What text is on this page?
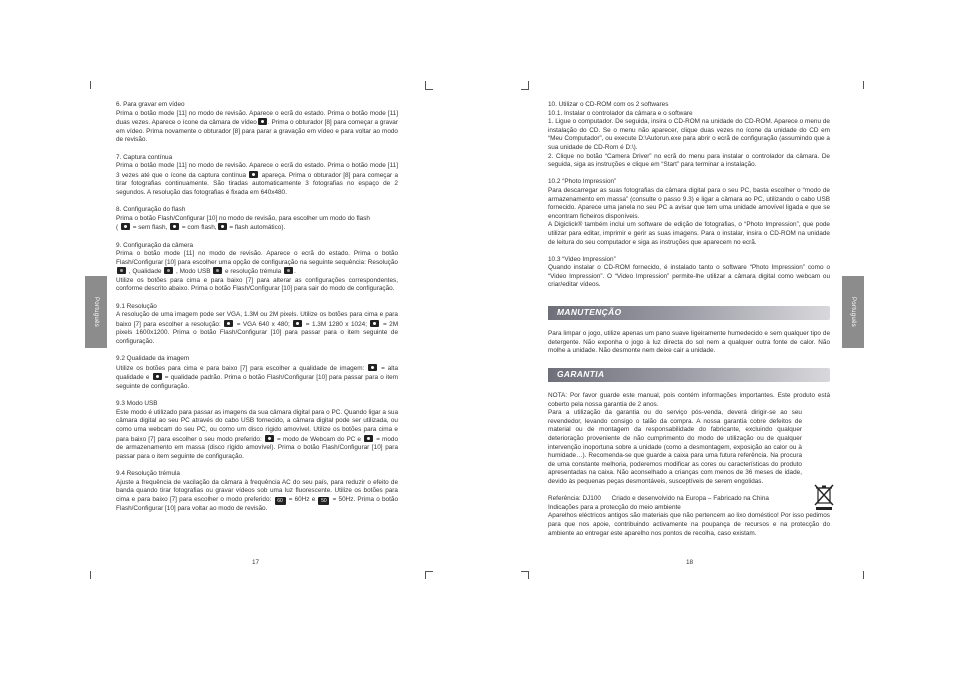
Português	Português

6. Para gravar em vídeo

Prima o botão mode [11] no modo de revisão. Aparece o ecrã do estado. Prima o botão mode [11] duas vezes. Aparece o ícone da câmara de vídeo . Prima o obturador [8] para começar a gravar em vídeo. Prima novamente o obturador [8] para parar a gravação em vídeo e para voltar ao modo de revisão.

7. Captura contínua

Prima o botão mode [11] no modo de revisão. Aparece o ecrã do estado. Prima o botão mode [11] 3 vezes até que o ícone da captura contínua apareça. Prima o obturador [8] para começar a tirar fotografias continuamente. São tiradas automaticamente 3 fotografias no espaço de 2 segundos. A resolução das fotografias é fixada em 640x480.

8. Configuração do flash

Prima o botão Flash/Configurar [10] no modo de revisão, para escolher um modo do flash
(  = sem flash, = com flash, = flash automático).

9. Configuração da câmera

Prima o botão mode [11] no modo de revisão. Aparece o ecrã do estado. Prima o botão Flash/Configurar [10] para escolher uma opção de configuração na seguinte sequência: Resolução  , Qualidade , Modo USB e resolução trémula .
Utilize os botões para cima e para baixo [7] para alterar as configurações correspondentes, conforme descrito abaixo. Prima o botão Flash/Configurar [10] para sair do modo de configuração.

9.1 Resolução

A resolução de uma imagem pode ser VGA, 1.3M ou 2M pixels. Utilize os botões para cima e para baixo [7] para escolher a resolução: = VGA 640 x 480; = 1.3M 1280 x 1024; = 2M pixels 1600x1200. Prima o botão Flash/Configurar [10] para passar para o item seguinte de configuração.

9.2 Qualidade da imagem

Utilize os botões para cima e para baixo [7] para escolher a qualidade de imagem:	= alta qualidade e = qualidade padrão. Prima o botão Flash/Configurar [10] para passar para o item seguinte de configuração.

9.3 Modo USB

Este modo é utilizado para passar as imagens da sua câmara digital para o PC. Quando ligar a sua câmara digital ao seu PC através do cabo USB fornecido, a câmara digital pode ser utilizada, ou como uma webcam do seu PC, ou como um disco rígido amovível. Utilize os botões para cima e para baixo [7] para escolher o seu modo preferido: = modo de Webcam do PC e = modo de armazenamento em massa (disco rígido amovível). Prima o botão Flash/Configurar [10] para passar para o item seguinte de configuração.

9.4 Resolução trémula

Ajuste a frequência de vacilação da câmara à frequência AC do seu país, para reduzir o efeito de banda quando tirar fotografias ou gravar vídeos sob uma luz fluorescente. Utilize os botões para cima e para baixo [7] para escolher o modo preferido: 60 = 60Hz e 50 = 50Hz. Prima o botão Flash/Configurar [10] para voltar ao modo de revisão.

17

10. Utilizar o CD-ROM com os 2 softwares

10.1. Instalar o controlador da câmara e o software

1. Ligue o computador. De seguida, insira o CD-ROM na unidade do CD-ROM. Aparece o menu de instalação do CD. Se o menu não aparecer, clique duas vezes no ícone da unidade do CD em “Meu Computador”, ou execute D:\Autorun.exe para abrir o ecrã de configuração (assumindo que a sua unidade de CD-Rom é D:\).

2. Clique no botão “Camera Driver” no ecrã do menu para instalar o controlador da câmara. De seguida, siga as instruções e clique em “Start” para terminar a instalação.

10.2 “Photo Impression”

Para descarregar as suas fotografias da câmara digital para o seu PC, basta escolher o “modo de armazenamento em massa” (consulte o passo 9.3) e ligar a câmara ao PC, utilizando o cabo USB fornecido. Aparece uma janela no seu PC a avisar que tem uma unidade amovível ligada e que se encontram ficheiros disponíveis.

A Digiclick® também inclui um software de edição de fotografias, o “Photo Impression”, que pode utilizar para editar, imprimir e gerir as suas imagens. Para o instalar, insira o CD-ROM na unidade de leitura do seu computador e siga as instruções que aparecem no ecrã.

10.3 “Video Impression”

Quando instalar o CD-ROM fornecido, é instalado tanto o software “Photo Impression” como o “Video Impression”. O “Video Impression” permite-lhe utilizar a câmara digital como webcam ou criar/editar vídeos.

MANUTENÇÃO

Para limpar o jogo, utilize apenas um pano suave ligeiramente humedecido e sem qualquer tipo de detergente. Não exponha o jogo à luz directa do sol nem a qualquer outra fonte de calor. Não molhe a unidade. Não desmonte nem deixe cair a unidade.

GARANTIA

NOTA: Por favor guarde este manual, pois contém informações importantes. Este produto está coberto pela nossa garantia de 2 anos.

Para a utilização da garantia ou do serviço pós-venda, deverá dirigir-se ao seu revendedor, levando consigo o talão da compra. A nossa garantia cobre defeitos de material ou de montagem da responsabilidade do fabricante, excluindo qualquer deterioração proveniente de não cumprimento do modo de utilização ou de qualquer intervenção inoportuna sobre a unidade (como a desmontagem, exposição ao calor ou à humidade…). Recomenda-se que guarde a caixa para uma futura referência. Na procura de uma constante melhoria, poderemos modificar as cores ou características do produto apresentadas na caixa. Não aconselhado a crianças com menos de 36 meses de idade, devido às pequenas peças desmontáveis, susceptíveis de serem engolidas.

Referência: DJ100      Criado e desenvolvido na Europa – Fabricado na China

Indicações para a protecção do meio ambiente

Aparelhos eléctricos antigos são materiais que não pertencem ao lixo doméstico! Por isso pedimos para que nos apoie, contribuindo activamente na poupança de recursos e na protecção do ambiente ao entregar este aparelho nos pontos de recolha, caso existam.

18
